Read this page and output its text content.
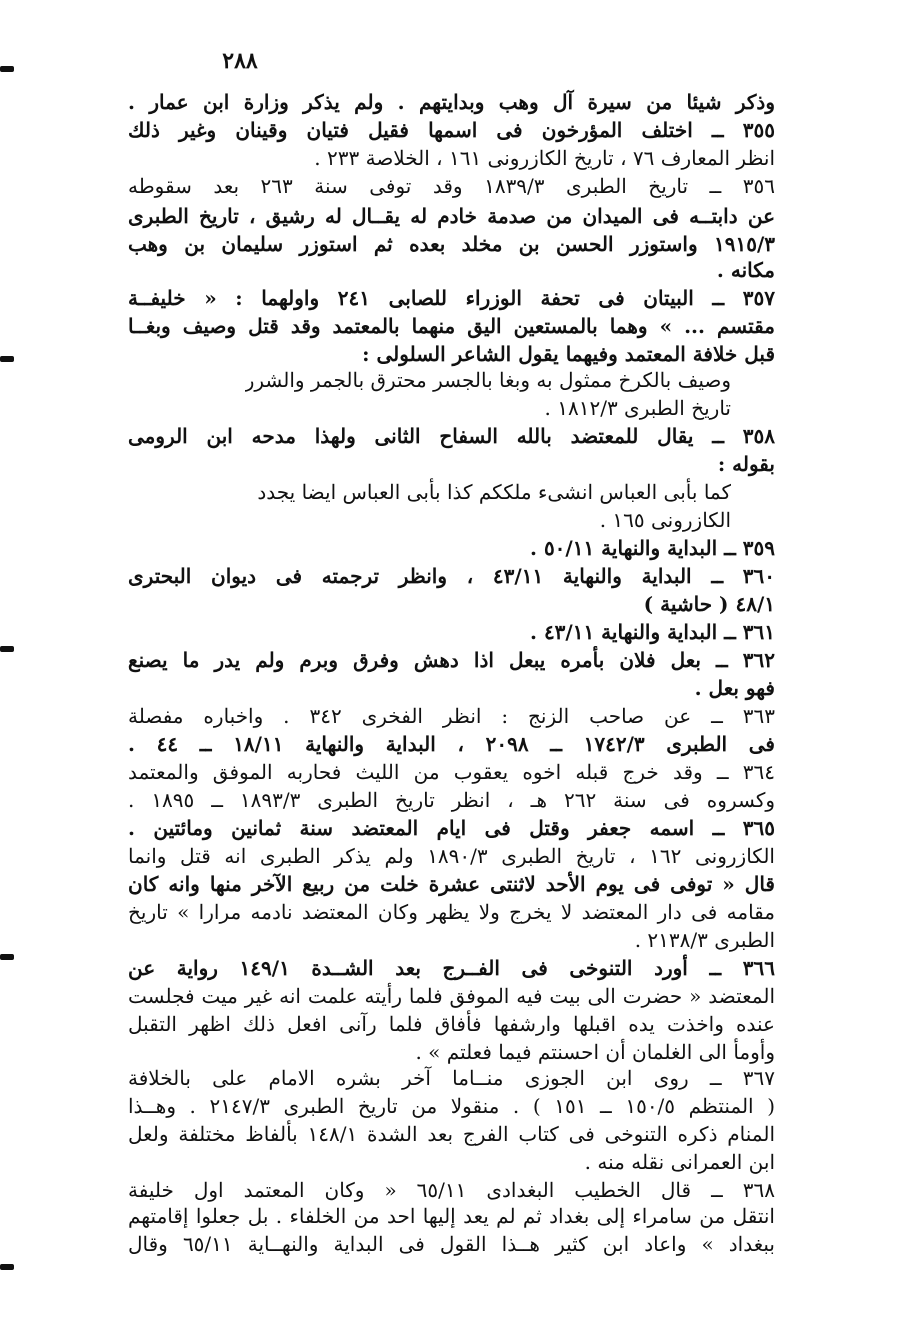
٢٨٨
وذكر شيئا من سيرة آل وهب وبدايتهم . ولم يذكر وزارة ابن عمار .
٣٥٥ ــ اختلف المؤرخون فى اسمها فقيل فتيان وقينان وغير ذلك
انظر المعارف ٧٦ ، تاريخ الكازرونى ١٦١ ، الخلاصة ٢٣٣ .
٣٥٦ ــ تاريخ الطبرى ١٨٣٩/٣ وقد توفى سنة ٢٦٣ بعد سقوطه
عن دابتــه فى الميدان من صدمة خادم له يقــال له رشيق ، تاريخ الطبرى
١٩١٥/٣ واستوزر الحسن بن مخلد بعده ثم استوزر سليمان بن وهب
مكانه .
٣٥٧ ــ البيتان فى تحفة الوزراء للصابى ٢٤١ واولهما : « خليفــة
مقتسم ... » وهما بالمستعين اليق منهما بالمعتمد وقد قتل وصيف وبغــا
قبل خلافة المعتمد وفيهما يقول الشاعر السلولى :
وصيف بالكرخ ممثول به وبغا بالجسر محترق بالجمر والشرر
تاريخ الطبرى ١٨١٢/٣ .
٣٥٨ ــ يقال للمعتضد بالله السفاح الثانى ولهذا مدحه ابن الرومى
بقوله :
كما بأبى العباس انشىء ملككم كذا بأبى العباس ايضا يجدد
الكازرونى ١٦٥ .
٣٥٩ ــ البداية والنهاية ٥٠/١١ .
٣٦٠ ــ البداية والنهاية ٤٣/١١ ، وانظر ترجمته فى ديوان البحترى
٤٨/١ ( حاشية )
٣٦١ ــ البداية والنهاية ٤٣/١١ .
٣٦٢ ــ بعل فلان بأمره يبعل اذا دهش وفرق وبرم ولم يدر ما يصنع
فهو بعل .
٣٦٣ ــ عن صاحب الزنج : انظر الفخرى ٣٤٢ . واخباره مفصلة
فى الطبرى ١٧٤٢/٣ ــ ٢٠٩٨ ، البداية والنهاية ١٨/١١ ــ ٤٤ .
٣٦٤ ــ وقد خرج قبله اخوه يعقوب من الليث فحاربه الموفق والمعتمد
وكسروه فى سنة ٢٦٢ هـ ، انظر تاريخ الطبرى ١٨٩٣/٣ ــ ١٨٩٥ .
٣٦٥ ــ اسمه جعفر وقتل فى ايام المعتضد سنة ثمانين ومائتين .
الكازرونى ١٦٢ ، تاريخ الطبرى ١٨٩٠/٣ ولم يذكر الطبرى انه قتل وانما
قال « توفى فى يوم الأحد لاثنتى عشرة خلت من ربيع الآخر منها وانه كان
مقامه فى دار المعتضد لا يخرج ولا يظهر وكان المعتضد نادمه مرارا » تاريخ
الطبرى ٢١٣٨/٣ .
٣٦٦ ــ أورد التنوخى فى الفــرج بعد الشــدة ١٤٩/١ رواية عن
المعتضد « حضرت الى بيت فيه الموفق فلما رأيته علمت انه غير ميت فجلست
عنده واخذت يده اقبلها وارشفها فأفاق فلما رآنى افعل ذلك اظهر التقبل
وأومأ الى الغلمان أن احسنتم فيما فعلتم » .
٣٦٧ ــ روى ابن الجوزى منــاما آخر بشره الامام على بالخلافة
( المنتظم ١٥٠/٥ ــ ١٥١ ) . منقولا من تاريخ الطبرى ٢١٤٧/٣ . وهــذا
المنام ذكره التنوخى فى كتاب الفرج بعد الشدة ١٤٨/١ بألفاظ مختلفة ولعل
ابن العمرانى نقله منه .
٣٦٨ ــ قال الخطيب البغدادى ٦٥/١١ « وكان المعتمد اول خليفة
انتقل من سامراء إلى بغداد ثم لم يعد إليها احد من الخلفاء . بل جعلوا إقامتهم
ببغداد » واعاد ابن كثير هــذا القول فى البداية والنهــاية ٦٥/١١ وقال
